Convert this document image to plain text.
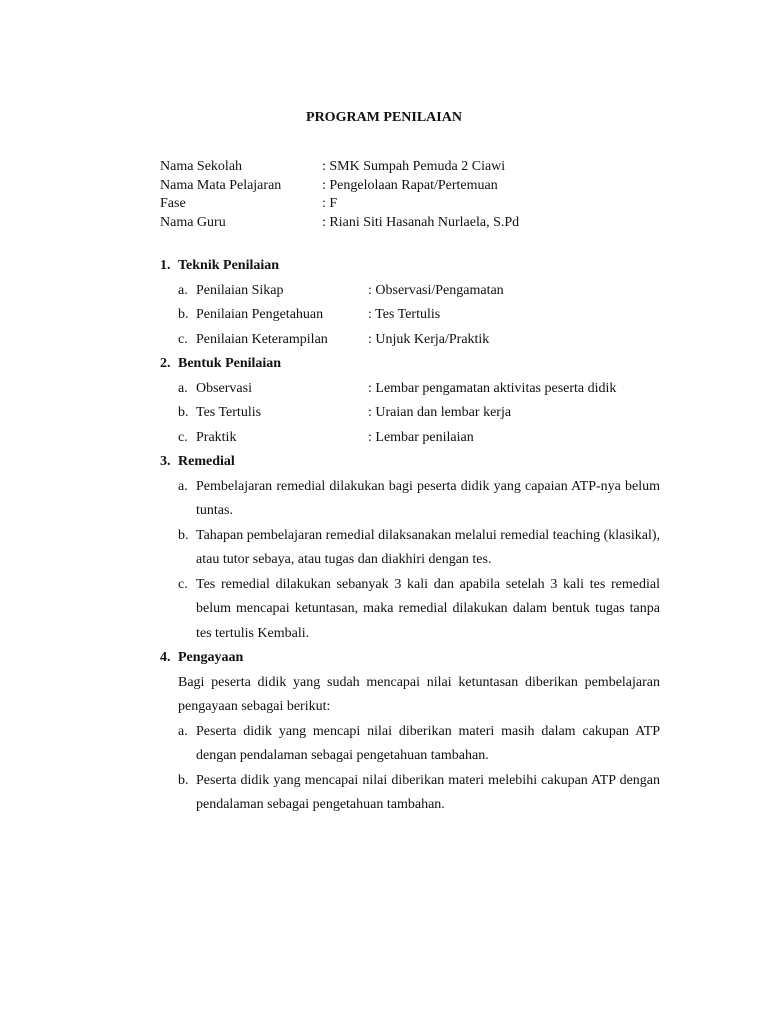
PROGRAM PENILAIAN
Nama Sekolah	: SMK Sumpah Pemuda 2 Ciawi
Nama Mata Pelajaran	: Pengelolaan Rapat/Pertemuan
Fase	: F
Nama Guru	: Riani Siti Hasanah Nurlaela, S.Pd
1. Teknik Penilaian
a. Penilaian Sikap	: Observasi/Pengamatan
b. Penilaian Pengetahuan	: Tes Tertulis
c. Penilaian Keterampilan	: Unjuk Kerja/Praktik
2. Bentuk Penilaian
a. Observasi	: Lembar pengamatan aktivitas peserta didik
b. Tes Tertulis	: Uraian dan lembar kerja
c. Praktik	: Lembar penilaian
3. Remedial
a. Pembelajaran remedial dilakukan bagi peserta didik yang capaian ATP-nya belum tuntas.
b. Tahapan pembelajaran remedial dilaksanakan melalui remedial teaching (klasikal), atau tutor sebaya, atau tugas dan diakhiri dengan tes.
c. Tes remedial dilakukan sebanyak 3 kali dan apabila setelah 3 kali tes remedial belum mencapai ketuntasan, maka remedial dilakukan dalam bentuk tugas tanpa tes tertulis Kembali.
4. Pengayaan
Bagi peserta didik yang sudah mencapai nilai ketuntasan diberikan pembelajaran pengayaan sebagai berikut:
a. Peserta didik yang mencapi nilai diberikan materi masih dalam cakupan ATP dengan pendalaman sebagai pengetahuan tambahan.
b. Peserta didik yang mencapai nilai diberikan materi melebihi cakupan ATP dengan pendalaman sebagai pengetahuan tambahan.
